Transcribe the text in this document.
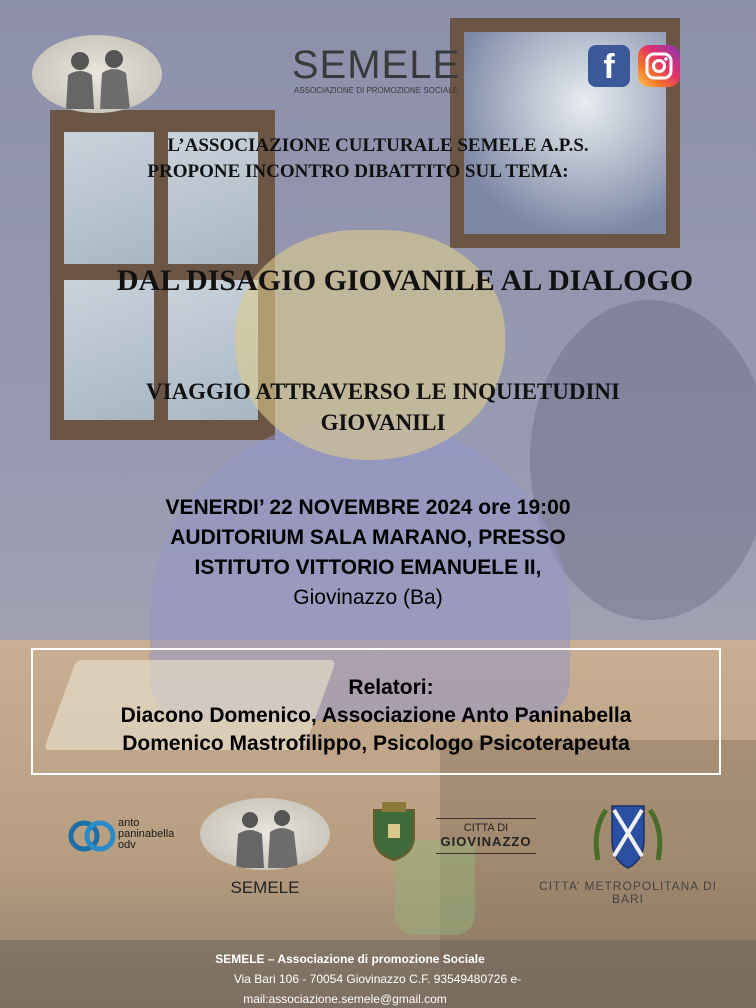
SEMELE
ASSOCIAZIONE DI PROMOZIONE SOCIALE
f
L’ASSOCIAZIONE CULTURALE SEMELE A.P.S.
PROPONE INCONTRO DIBATTITO SUL TEMA:
DAL DISAGIO GIOVANILE AL DIALOGO
VIAGGIO ATTRAVERSO LE INQUIETUDINI
GIOVANILI
VENERDI’ 22 NOVEMBRE 2024 ore 19:00
AUDITORIUM SALA MARANO, PRESSO
ISTITUTO VITTORIO EMANUELE II,
Giovinazzo (Ba)
Relatori:
Diacono Domenico, Associazione Anto Paninabella
Domenico Mastrofilippo, Psicologo Psicoterapeuta
anto
paninabella
odv
SEMELE
CITTA DI
GIOVINAZZO
CITTA’ METROPOLITANA DI
BARI
SEMELE – Associazione di promozione Sociale
Via Bari 106 - 70054 Giovinazzo C.F. 93549480726 e-
mail:associazione.semele@gmail.com
